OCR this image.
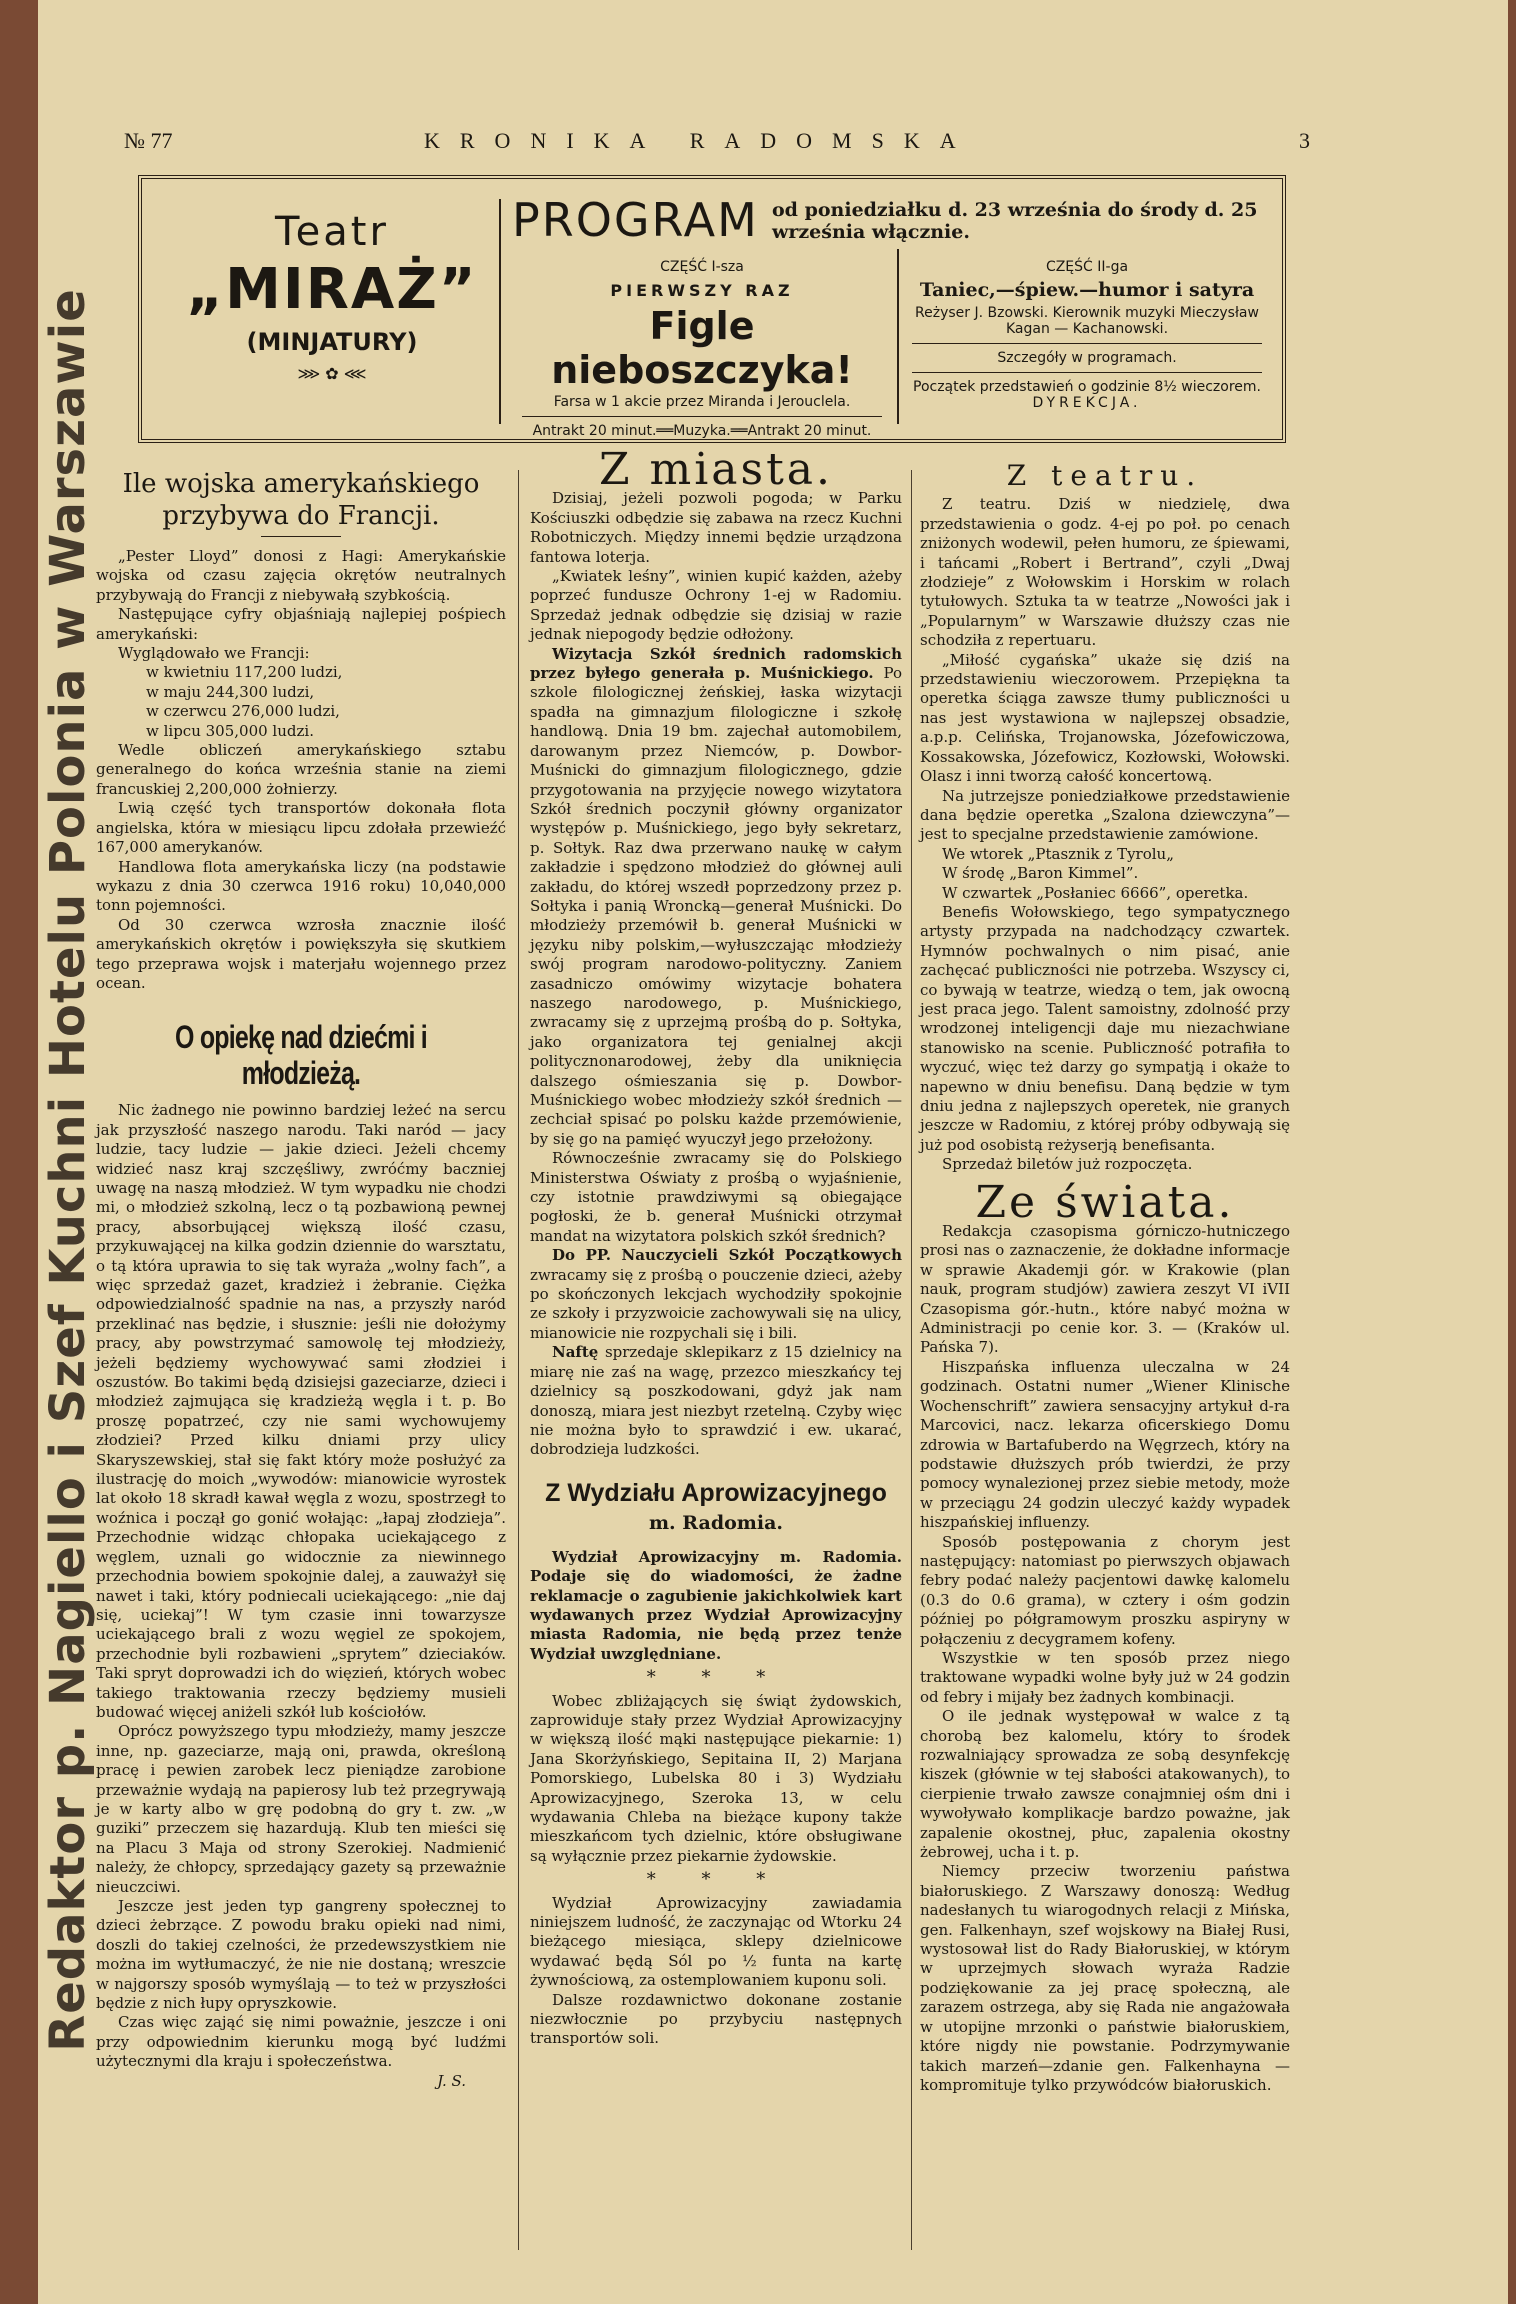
Redaktor p. Nagiello i Szef Kuchni Hotelu Polonia w Warszawie
№ 77	KRONIKA RADOMSKA	3
Teatr
„MIRAŻ”
(MINJATURY)
⋙ ✿ ⋘
PROGRAM od poniedziałku d. 23 września do środy d. 25 września włącznie.
CZĘŚĆ I-sza
PIERWSZY RAZ
Figle nieboszczyka!
Farsa w 1 akcie przez Miranda i Jerouclela.
Antrakt 20 minut.══Muzyka.══Antrakt 20 minut.
CZĘŚĆ II-ga
Taniec,—śpiew.—humor i satyra
Reżyser J. Bzowski. Kierownik muzyki Mieczysław Kagan — Kachanowski.
Szczegóły w programach.
Początek przedstawień o godzinie 8½ wieczorem.
DYREKCJA.
Ile wojska amerykańskiego przybywa do Francji.

„Pester Lloyd” donosi z Hagi: Amerykańskie wojska od czasu zajęcia okrętów neutralnych przybywają do Francji z niebywałą szybkością.

Następujące cyfry objaśniają najlepiej pośpiech amerykański:

Wyglądowało we Francji:

w kwietniu 117,200 ludzi,
w maju 244,300 ludzi,
w czerwcu 276,000 ludzi,
w lipcu 305,000 ludzi.

Wedle obliczeń amerykańskiego sztabu generalnego do końca września stanie na ziemi francuskiej 2,200,000 żołnierzy.

Lwią część tych transportów dokonała flota angielska, która w miesiącu lipcu zdołała przewieźć 167,000 amerykanów.

Handlowa flota amerykańska liczy (na podstawie wykazu z dnia 30 czerwca 1916 roku) 10,040,000 tonn pojemności.

Od 30 czerwca wzrosła znacznie ilość amerykańskich okrętów i powiększyła się skutkiem tego przeprawa wojsk i materjału wojennego przez ocean.

O opiekę nad dziećmi i młodzieżą.

Nic żadnego nie powinno bardziej leżeć na sercu jak przyszłość naszego narodu. Taki naród — jacy ludzie, tacy ludzie — jakie dzieci. Jeżeli chcemy widzieć nasz kraj szczęśliwy, zwróćmy baczniej uwagę na naszą młodzież. W tym wypadku nie chodzi mi, o młodzież szkolną, lecz o tą pozbawioną pewnej pracy, absorbującej większą ilość czasu, przykuwającej na kilka godzin dziennie do warsztatu, o tą która uprawia to się tak wyraża „wolny fach”, a więc sprzedaż gazet, kradzież i żebranie. Ciężka odpowiedzialność spadnie na nas, a przyszły naród przeklinać nas będzie, i słusznie: jeśli nie dołożymy pracy, aby powstrzymać samowolę tej młodzieży, jeżeli będziemy wychowywać sami złodziei i oszustów. Bo takimi będą dzisiejsi gazeciarze, dzieci i młodzież zajmująca się kradzieżą węgla i t. p. Bo proszę popatrzeć, czy nie sami wychowujemy złodziei? Przed kilku dniami przy ulicy Skaryszewskiej, stał się fakt który może posłużyć za ilustrację do moich „wywodów: mianowicie wyrostek lat około 18 skradł kawał węgla z wozu, spostrzegł to woźnica i począł go gonić wołając: „łapaj złodzieja”. Przechodnie widząc chłopaka uciekającego z węglem, uznali go widocznie za niewinnego przechodnia bowiem spokojnie dalej, a zauważył się nawet i taki, który podniecali uciekającego: „nie daj się, uciekaj”! W tym czasie inni towarzysze uciekającego brali z wozu węgiel ze spokojem, przechodnie byli rozbawieni „sprytem” dzieciaków. Taki spryt doprowadzi ich do więzień, których wobec takiego traktowania rzeczy będziemy musieli budować więcej aniżeli szkół lub kościołów.

Oprócz powyższego typu młodzieży, mamy jeszcze inne, np. gazeciarze, mają oni, prawda, określoną pracę i pewien zarobek lecz pieniądze zarobione przeważnie wydają na papierosy lub też przegrywają je w karty albo w grę podobną do gry t. zw. „w guziki” przeczem się hazardują. Klub ten mieści się na Placu 3 Maja od strony Szerokiej. Nadmienić należy, że chłopcy, sprzedający gazety są przeważnie nieuczciwi.

Jeszcze jest jeden typ gangreny społecznej to dzieci żebrzące. Z powodu braku opieki nad nimi, doszli do takiej czelności, że przedewszystkiem nie można im wytłumaczyć, że nie nie dostaną; wreszcie w najgorszy sposób wymyślają — to też w przyszłości będzie z nich łupy opryszkowie.

Czas więc zająć się nimi poważnie, jeszcze i oni przy odpowiednim kierunku mogą być ludźmi użytecznymi dla kraju i społeczeństwa.

J. S.
Z miasta.

Dzisiaj, jeżeli pozwoli pogoda; w Parku Kościuszki odbędzie się zabawa na rzecz Kuchni Robotniczych. Między innemi będzie urządzona fantowa loterja.

„Kwiatek leśny”, winien kupić każden, ażeby poprzeć fundusze Ochrony 1-ej w Radomiu. Sprzedaż jednak odbędzie się dzisiaj w razie jednak niepogody będzie odłożony.

Wizytacja Szkół średnich radomskich przez byłego generała p. Muśnickiego. Po szkole filologicznej żeńskiej, łaska wizytacji spadła na gimnazjum filologiczne i szkołę handlową. Dnia 19 bm. zajechał automobilem, darowanym przez Niemców, p. Dowbor-Muśnicki do gimnazjum filologicznego, gdzie przygotowania na przyjęcie nowego wizytatora Szkół średnich poczynił główny organizator występów p. Muśnickiego, jego były sekretarz, p. Sołtyk. Raz dwa przerwano naukę w całym zakładzie i spędzono młodzież do głównej auli zakładu, do której wszedł poprzedzony przez p. Sołtyka i panią Wroncką—generał Muśnicki. Do młodzieży przemówił b. generał Muśnicki w języku niby polskim,—wyłuszczając młodzieży swój program narodowo-polityczny. Zaniem zasadniczo omówimy wizytacje bohatera naszego narodowego, p. Muśnickiego, zwracamy się z uprzejmą prośbą do p. Sołtyka, jako organizatora tej genialnej akcji politycznonarodowej, żeby dla uniknięcia dalszego ośmieszania się p. Dowbor-Muśnickiego wobec młodzieży szkół średnich —zechciał spisać po polsku każde przemówienie, by się go na pamięć wyuczył jego przełożony.

Równocześnie zwracamy się do Polskiego Ministerstwa Oświaty z prośbą o wyjaśnienie, czy istotnie prawdziwymi są obiegające pogłoski, że b. generał Muśnicki otrzymał mandat na wizytatora polskich szkół średnich?

Do PP. Nauczycieli Szkół Początkowych zwracamy się z prośbą o pouczenie dzieci, ażeby po skończonych lekcjach wychodziły spokojnie ze szkoły i przyzwoicie zachowywali się na ulicy, mianowicie nie rozpychali się i bili.

Naftę sprzedaje sklepikarz z 15 dzielnicy na miarę nie zaś na wagę, przezco mieszkańcy tej dzielnicy są poszkodowani, gdyż jak nam donoszą, miara jest niezbyt rzetelną. Czyby więc nie można było to sprawdzić i ew. ukarać, dobrodzieja ludzkości.

Z Wydziału Aprowizacyjnego
m. Radomia.

Wydział Aprowizacyjny m. Radomia. Podaje się do wiadomości, że żadne reklamacje o zagubienie jakichkolwiek kart wydawanych przez Wydział Aprowizacyjny miasta Radomia, nie będą przez tenże Wydział uwzględniane.

* * *

Wobec zbliżających się świąt żydowskich, zaprowiduje stały przez Wydział Aprowizacyjny w większą ilość mąki następujące piekarnie: 1) Jana Skorżyńskiego, Sepitaina II, 2) Marjana Pomorskiego, Lubelska 80 i 3) Wydziału Aprowizacyjnego, Szeroka 13, w celu wydawania Chleba na bieżące kupony także mieszkańcom tych dzielnic, które obsługiwane są wyłącznie przez piekarnie żydowskie.

* * *

Wydział Aprowizacyjny zawiadamia niniejszem ludność, że zaczynając od Wtorku 24 bieżącego miesiąca, sklepy dzielnicowe wydawać będą Sól po ½ funta na kartę żywnościową, za ostemplowaniem kuponu soli.

Dalsze rozdawnictwo dokonane zostanie niezwłocznie po przybyciu następnych transportów soli.

Z teatru.

Z teatru. Dziś w niedzielę, dwa przedstawienia o godz. 4-ej po poł. po cenach zniżonych wodewil, pełen humoru, ze śpiewami, i tańcami „Robert i Bertrand”, czyli „Dwaj złodzieje” z Wołowskim i Horskim w rolach tytułowych. Sztuka ta w teatrze „Nowości jak i „Popularnym” w Warszawie dłuższy czas nie schodziła z repertuaru.

„Miłość cygańska” ukaże się dziś na przedstawieniu wieczorowem. Przepiękna ta operetka ściąga zawsze tłumy publiczności u nas jest wystawiona w najlepszej obsadzie, a.p.p. Celińska, Trojanowska, Józefowiczowa, Kossakowska, Józefowicz, Kozłowski, Wołowski. Olasz i inni tworzą całość koncertową.

Na jutrzejsze poniedziałkowe przedstawienie dana będzie operetka „Szalona dziewczyna”—jest to specjalne przedstawienie zamówione.

We wtorek „Ptasznik z Tyrolu„

W środę „Baron Kimmel”.

W czwartek „Posłaniec 6666”, operetka.

Benefis Wołowskiego, tego sympatycznego artysty przypada na nadchodzący czwartek. Hymnów pochwalnych o nim pisać, anie zachęcać publiczności nie potrzeba. Wszyscy ci, co bywają w teatrze, wiedzą o tem, jak owocną jest praca jego. Talent samoistny, zdolność przy wrodzonej inteligencji daje mu niezachwiane stanowisko na scenie. Publiczność potrafiła to wyczuć, więc też darzy go sympatją i okaże to napewno w dniu benefisu. Daną będzie w tym dniu jedna z najlepszych operetek, nie granych jeszcze w Radomiu, z której próby odbywają się już pod osobistą reżyserją benefisanta.

Sprzedaż biletów już rozpoczęta.

Ze świata.

Redakcja czasopisma górniczo-hutniczego prosi nas o zaznaczenie, że dokładne informacje w sprawie Akademji gór. w Krakowie (plan nauk, program studjów) zawiera zeszyt VI iVII Czasopisma gór.-hutn., które nabyć można w Administracji po cenie kor. 3. — (Kraków ul. Pańska 7).

Hiszpańska influenza uleczalna w 24 godzinach. Ostatni numer „Wiener Klinische Wochenschrift” zawiera sensacyjny artykuł d-ra Marcovici, nacz. lekarza oficerskiego Domu zdrowia w Bartafuberdo na Węgrzech, który na podstawie dłuższych prób twierdzi, że przy pomocy wynalezionej przez siebie metody, może w przeciągu 24 godzin uleczyć każdy wypadek hiszpańskiej influenzy.

Sposób postępowania z chorym jest następujący: natomiast po pierwszych objawach febry podać należy pacjentowi dawkę kalomelu (0.3 do 0.6 grama), w cztery i ośm godzin później po półgramowym proszku aspiryny w połączeniu z decygramem kofeny.

Wszystkie w ten sposób przez niego traktowane wypadki wolne były już w 24 godzin od febry i mijały bez żadnych kombinacji.

O ile jednak występował w walce z tą chorobą bez kalomelu, który to środek rozwalniający sprowadza ze sobą desynfekcję kiszek (głównie w tej słabości atakowanych), to cierpienie trwało zawsze conajmniej ośm dni i wywoływało komplikacje bardzo poważne, jak zapalenie okostnej, płuc, zapalenia okostny żebrowej, ucha i t. p.

Niemcy przeciw tworzeniu państwa białoruskiego. Z Warszawy donoszą: Według nadesłanych tu wiarogodnych relacji z Mińska, gen. Falkenhayn, szef wojskowy na Białej Rusi, wystosował list do Rady Białoruskiej, w którym w uprzejmych słowach wyraża Radzie podziękowanie za jej pracę społeczną, ale zarazem ostrzega, aby się Rada nie angażowała w utopijne mrzonki o państwie białoruskiem, które nigdy nie powstanie. Podrzymywanie takich marzeń—zdanie gen. Falkenhayna — kompromituje tylko przywódców białoruskich.
